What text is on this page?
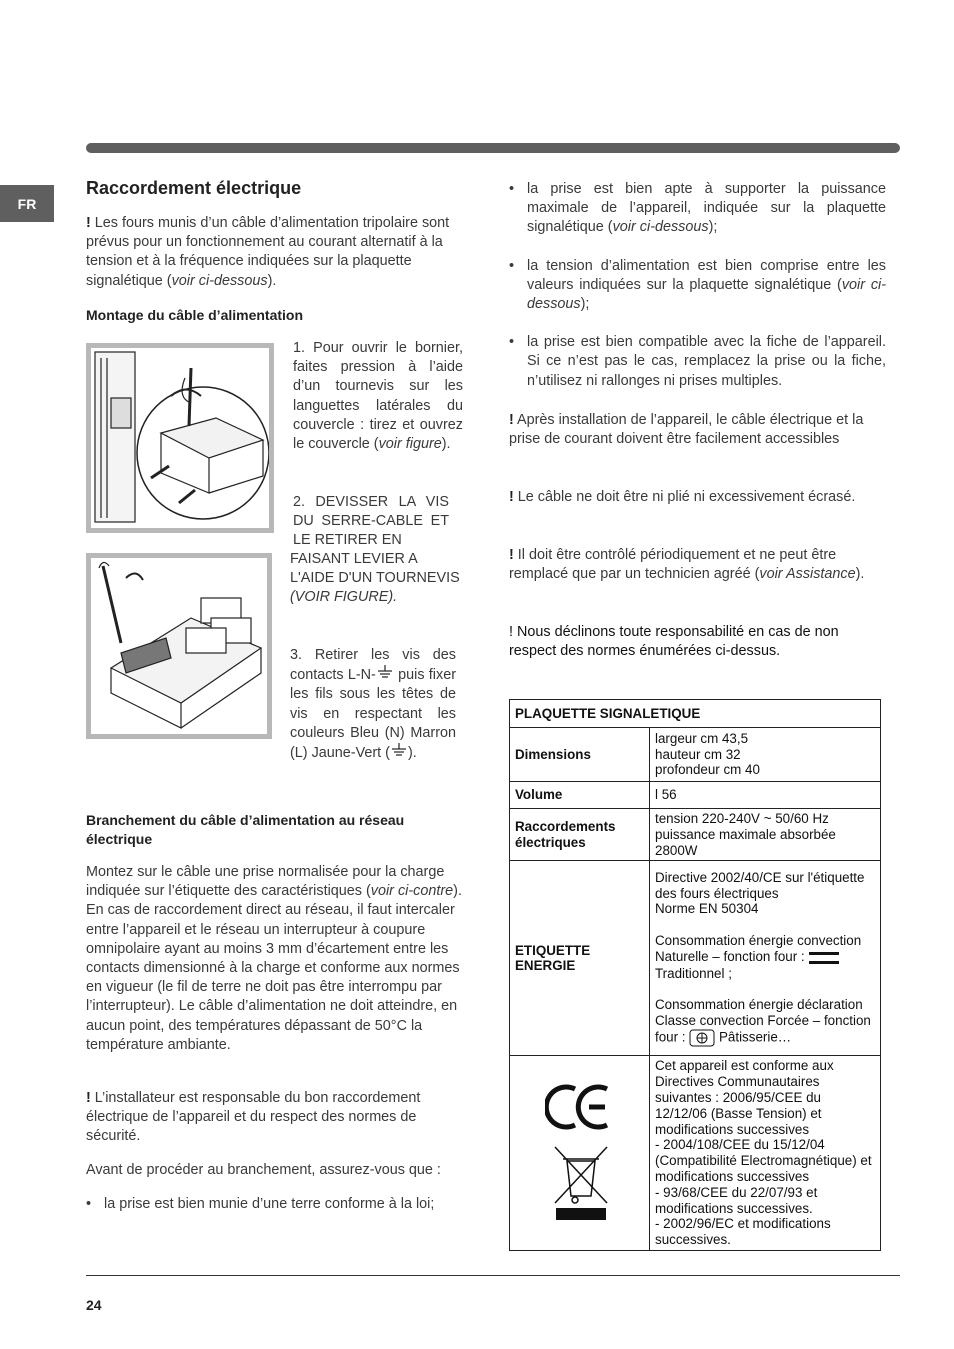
FR
Raccordement électrique
! Les fours munis d’un câble d’alimentation tripolaire sont prévus pour un fonctionnement au courant alternatif à la tension et à la fréquence indiquées sur la plaquette signalétique (voir ci-dessous).
Montage du câble d’alimentation
1. Pour ouvrir le bornier, faites pression à l’aide d’un tournevis sur les languettes latérales du couvercle : tirez et ouvrez le couvercle (voir figure).
2. DEVISSER LA VIS DU SERRE-CABLE ET LE RETIRER EN
FAISANT LEVIER A L'AIDE D'UN TOURNEVIS (VOIR FIGURE).
3. Retirer les vis des contacts L-N- puis fixer les fils sous les têtes de vis en respectant les couleurs Bleu (N) Marron (L) Jaune-Vert ( ).
Branchement du câble d’alimentation au réseau électrique
Montez sur le câble une prise normalisée pour la charge indiquée sur l’étiquette des caractéristiques (voir ci-contre).
En cas de raccordement direct au réseau, il faut intercaler entre l’appareil et le réseau un interrupteur à coupure omnipolaire ayant au moins 3 mm d’écartement entre les contacts dimensionné à la charge et conforme aux normes en vigueur (le fil de terre ne doit pas être interrompu par l’interrupteur). Le câble d’alimentation ne doit atteindre, en aucun point, des températures dépassant de 50°C la température ambiante.
! L’installateur est responsable du bon raccordement électrique de l’appareil et du respect des normes de sécurité.
Avant de procéder au branchement, assurez-vous que :
• la prise est bien munie d’une terre conforme à la loi;
• la prise est bien apte à supporter la puissance maximale de l’appareil, indiquée sur la plaquette signalétique (voir ci-dessous);
• la tension d’alimentation est bien comprise entre les valeurs indiquées sur la plaquette signalétique (voir ci-dessous);
• la prise est bien compatible avec la fiche de l’appareil. Si ce n’est pas le cas, remplacez la prise ou la fiche, n’utilisez ni rallonges ni prises multiples.
! Après installation de l’appareil, le câble électrique et la prise de courant doivent être facilement accessibles
! Le câble ne doit être ni plié ni excessivement écrasé.
! Il doit être contrôlé périodiquement et ne peut être remplacé que par un technicien agréé (voir Assistance).
! Nous déclinons toute responsabilité en cas de non respect des normes énumérées ci-dessus.
PLAQUETTE SIGNALETIQUE	
Dimensions	largeur cm 43,5
hauteur cm 32
profondeur cm 40

Volume	l 56
Raccordements électriques	tension 220-240V ~ 50/60 Hz
puissance maximale absorbée
2800W

ETIQUETTE ENERGIE	Directive 2002/40/CE sur l'étiquette des fours électriques
Norme EN 50304
Consommation énergie convection Naturelle – fonction four :
Traditionnel ;
Consommation énergie déclaration Classe convection Forcée – fonction four : Pâtisserie…

Cet appareil est conforme aux Directives Communautaires suivantes : 2006/95/CEE du 12/12/06 (Basse Tension) et modifications successives
- 2004/108/CEE du 15/12/04 (Compatibilité Electromagnétique) et modifications successives
- 93/68/CEE du 22/07/93 et modifications successives.
- 2002/96/EC et modifications successives.
24
